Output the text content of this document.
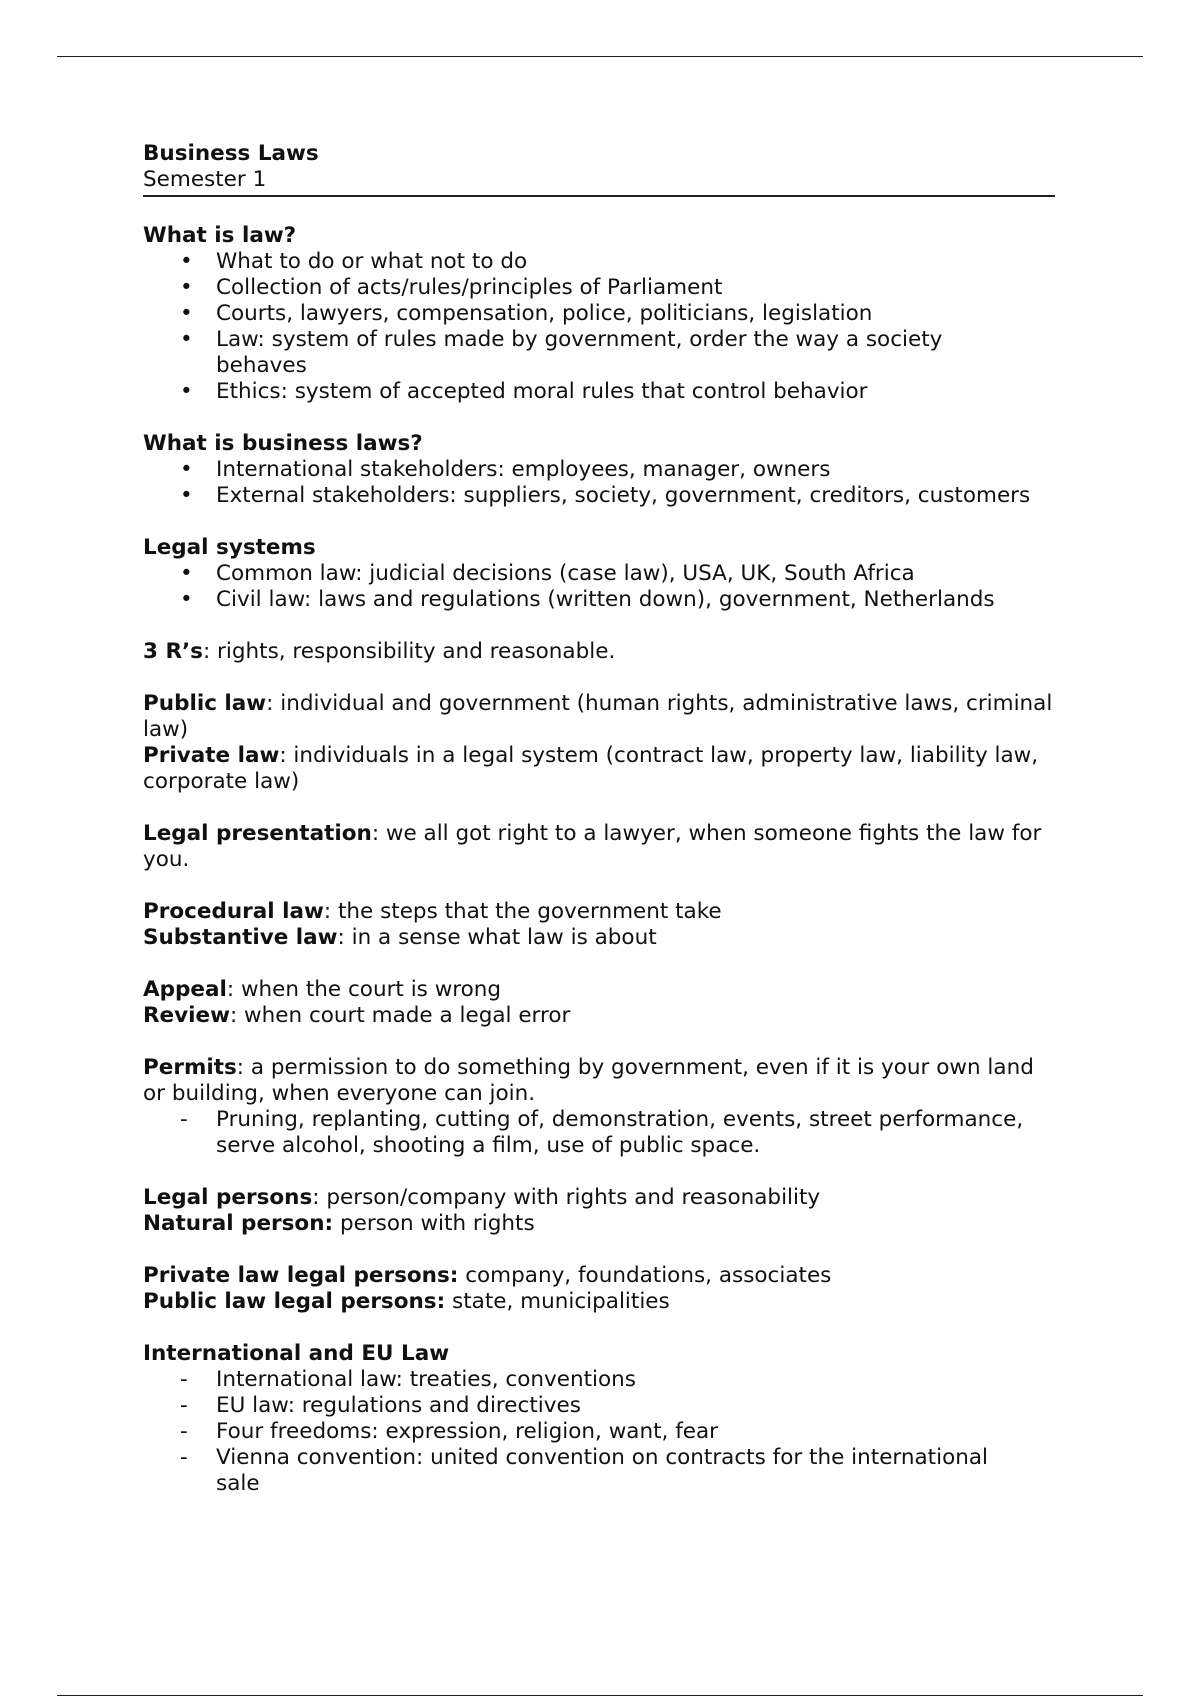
Business Laws
Semester 1
What is law?
•	What to do or what not to do
•	Collection of acts/rules/principles of Parliament
•	Courts, lawyers, compensation, police, politicians, legislation
•	Law: system of rules made by government, order the way a society behaves
•	Ethics: system of accepted moral rules that control behavior
What is business laws?
•	International stakeholders: employees, manager, owners
•	External stakeholders: suppliers, society, government, creditors, customers
Legal systems
•	Common law: judicial decisions (case law), USA, UK, South Africa
•	Civil law: laws and regulations (written down), government, Netherlands

3 R’s: rights, responsibility and reasonable.

Public law: individual and government (human rights, administrative laws, criminal law)

Private law: individuals in a legal system (contract law, property law, liability law, corporate law)

Legal presentation: we all got right to a lawyer, when someone fights the law for you.

Procedural law: the steps that the government take

Substantive law: in a sense what law is about

Appeal: when the court is wrong

Review: when court made a legal error

Permits: a permission to do something by government, even if it is your own land or building, when everyone can join.

-	Pruning, replanting, cutting of, demonstration, events, street performance, serve alcohol, shooting a film, use of public space.

Legal persons: person/company with rights and reasonability

Natural person: person with rights

Private law legal persons: company, foundations, associates

Public law legal persons: state, municipalities

International and EU Law
-	International law: treaties, conventions
-	EU law: regulations and directives
-	Four freedoms: expression, religion, want, fear
-	Vienna convention: united convention on contracts for the international sale
